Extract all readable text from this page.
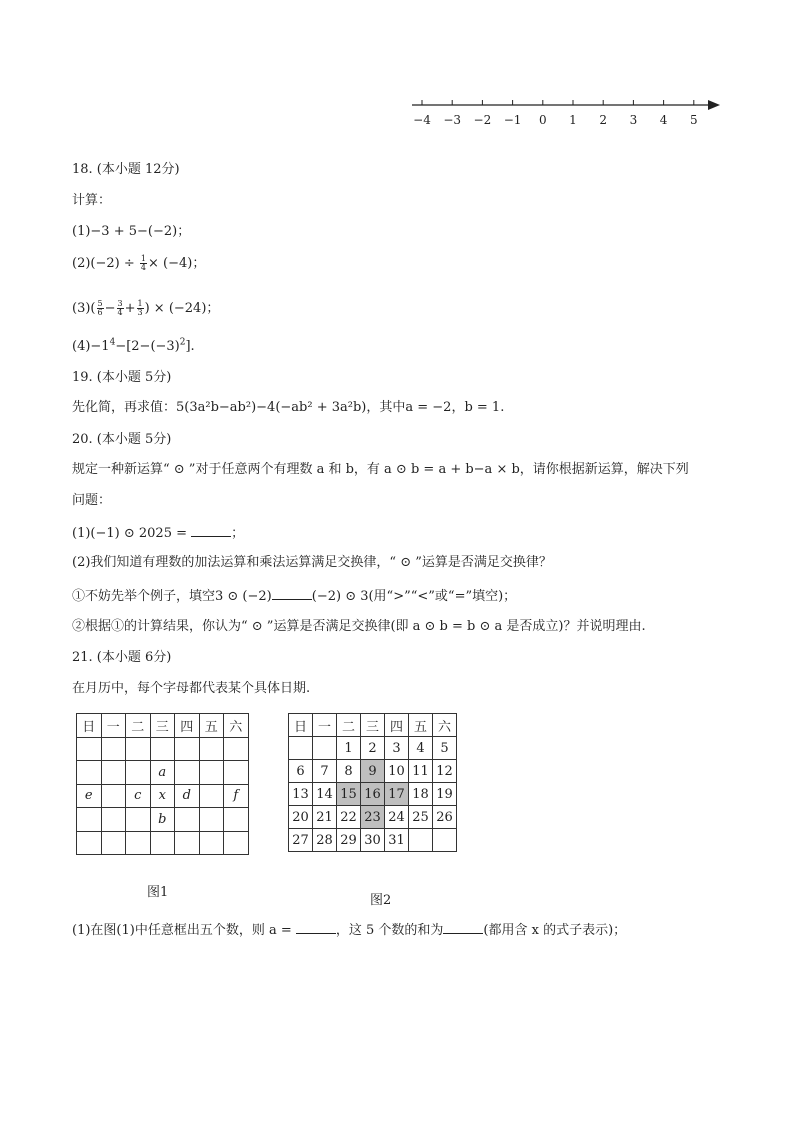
−4 −3 −2 −1 0 1 2 3 4 5
18. (本小题 12分)
计算：
(1)−3 + 5−(−2)；
$(2)(-2) \div \frac{1}{4} \times (-4)$；
$(3)( \frac{5}{6} - \frac{3}{4} + \frac{1}{3}$ ) × (−24)；
$(4)-1^4-[2-(-3)^2]$.
19. (本小题 5分)
先化简，再求值：5(3a²b−ab²)−4(−ab² + 3a²b)，其中a = −2，b = 1.
20. (本小题 5分)
规定一种新运算“ ⊙ ”对于任意两个有理数 a 和 b，有 a ⊙ b = a + b−a × b，请你根据新运算，解决下列
问题：
(1)(−1) ⊙ 2025 =	；
(2)我们知道有理数的加法运算和乘法运算满足交换律，“ ⊙ ”运算是否满足交换律？
①不妨先举个例子，填空3 ⊙ (−2)	(−2) ⊙ 3(用“>”“<”或“=”填空)；
②根据①的计算结果，你认为“ ⊙ ”运算是否满足交换律(即 a ⊙ b = b ⊙ a 是否成立)？并说明理由.
21. (本小题 6分)
在月历中，每个字母都代表某个具体日期.
日	一	二	三	四	五	六

			a			
e		c	x	d		f
			b			

图1
日	一	二	三	四	五	六
		1	2	3	4	5
6	7	8	9	10	11	12
13	14	15	16	17	18	19
20	21	22	23	24	25	26
27	28	29	30	31		
图2
(1)在图(1)中任意框出五个数，则 a =	，这 5 个数的和为	(都用含 x 的式子表示)；
